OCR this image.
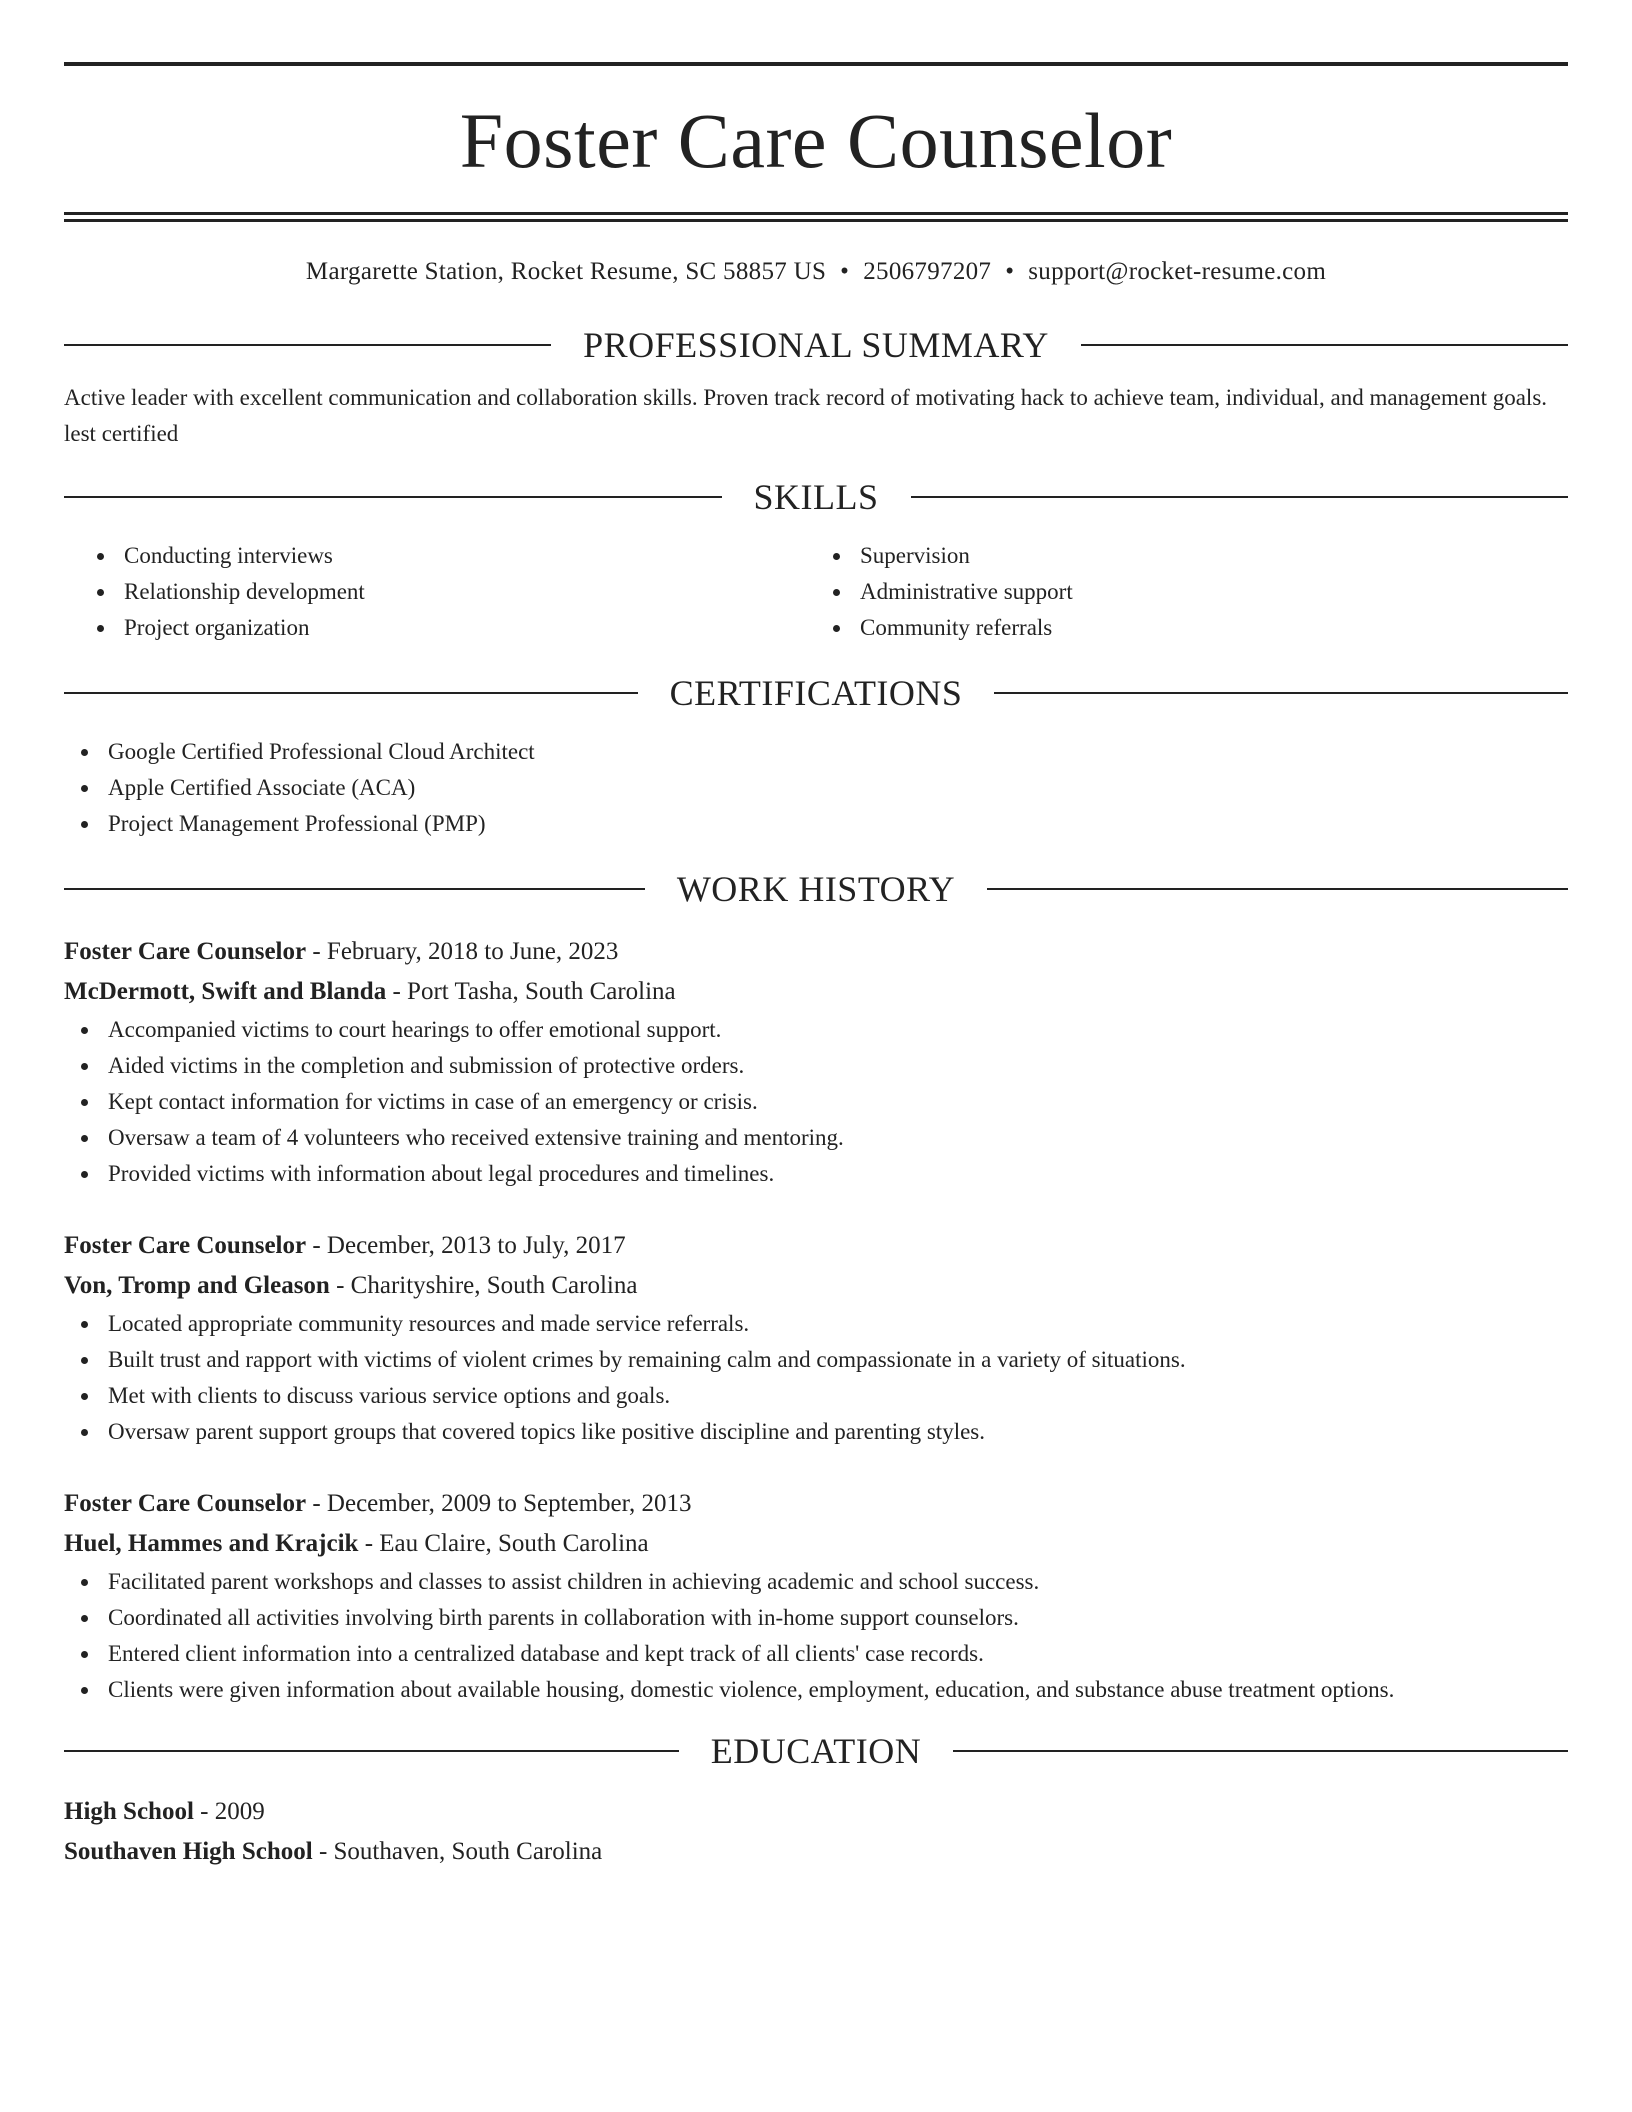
Foster Care Counselor
Margarette Station, Rocket Resume, SC 58857 US • 2506797207 • support@rocket-resume.com
PROFESSIONAL SUMMARY

Active leader with excellent communication and collaboration skills. Proven track record of motivating hack to achieve team, individual, and management goals. lest certified

SKILLS
Conducting interviews
Relationship development
Project organization
Supervision
Administrative support
Community referrals
CERTIFICATIONS
Google Certified Professional Cloud Architect
Apple Certified Associate (ACA)
Project Management Professional (PMP)
WORK HISTORY
Foster Care Counselor - February, 2018 to June, 2023
McDermott, Swift and Blanda - Port Tasha, South Carolina
Accompanied victims to court hearings to offer emotional support.
Aided victims in the completion and submission of protective orders.
Kept contact information for victims in case of an emergency or crisis.
Oversaw a team of 4 volunteers who received extensive training and mentoring.
Provided victims with information about legal procedures and timelines.
Foster Care Counselor - December, 2013 to July, 2017
Von, Tromp and Gleason - Charityshire, South Carolina
Located appropriate community resources and made service referrals.
Built trust and rapport with victims of violent crimes by remaining calm and compassionate in a variety of situations.
Met with clients to discuss various service options and goals.
Oversaw parent support groups that covered topics like positive discipline and parenting styles.
Foster Care Counselor - December, 2009 to September, 2013
Huel, Hammes and Krajcik - Eau Claire, South Carolina
Facilitated parent workshops and classes to assist children in achieving academic and school success.
Coordinated all activities involving birth parents in collaboration with in-home support counselors.
Entered client information into a centralized database and kept track of all clients' case records.
Clients were given information about available housing, domestic violence, employment, education, and substance abuse treatment options.
EDUCATION
High School - 2009
Southaven High School - Southaven, South Carolina
